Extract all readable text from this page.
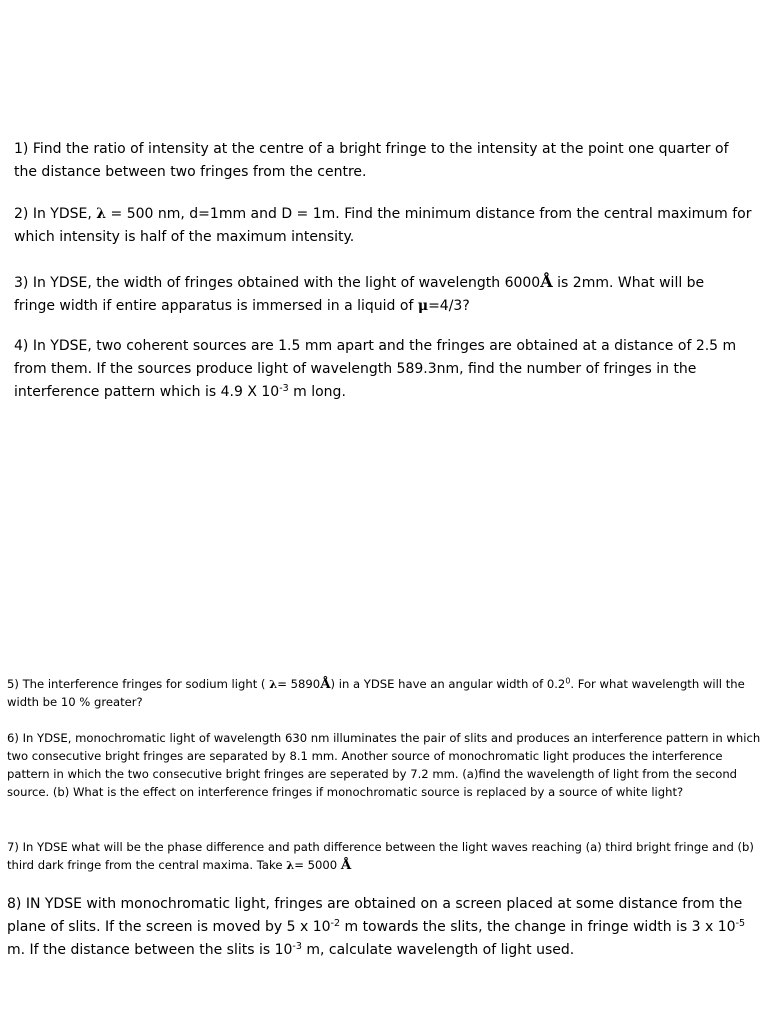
1) Find the ratio of intensity at the centre of a bright fringe to the intensity at the point one quarter of the distance between two fringes from the centre.

2) In YDSE, λ = 500 nm, d=1mm and D = 1m. Find the minimum distance from the central maximum for which intensity is half of the maximum intensity.

3) In YDSE, the width of fringes obtained with the light of wavelength 6000Å is 2mm. What will be fringe width if entire apparatus is immersed in a liquid of μ=4/3?

4) In YDSE, two coherent sources are 1.5 mm apart and the fringes are obtained at a distance of 2.5 m from them. If the sources produce light of wavelength 589.3nm, find the number of fringes in the interference pattern which is 4.9 X $10^{-3}$ m long.

5) The interference fringes for sodium light ( λ= 5890Å) in a YDSE have an angular width of $0.2^0$. For what wavelength will the width be 10 % greater?

6) In YDSE, monochromatic light of wavelength 630 nm illuminates the pair of slits and produces an interference pattern in which two consecutive bright fringes are separated by 8.1 mm. Another source of monochromatic light produces the interference pattern in which the two consecutive bright fringes are seperated by 7.2 mm. (a)find the wavelength of light from the second source. (b) What is the effect on interference fringes if monochromatic source is replaced by a source of white light?

7) In YDSE what will be the phase difference and path difference between the light waves reaching (a) third bright fringe and (b) third dark fringe from the central maxima. Take λ= 5000 Å

8) IN YDSE with monochromatic light, fringes are obtained on a screen placed at some distance from the plane of slits. If the screen is moved by 5 x $10^{-2}$ m towards the slits, the change in fringe width is 3 x $10^{-5}$ m. If the distance between the slits is $10^{-3}$ m, calculate wavelength of light used.
